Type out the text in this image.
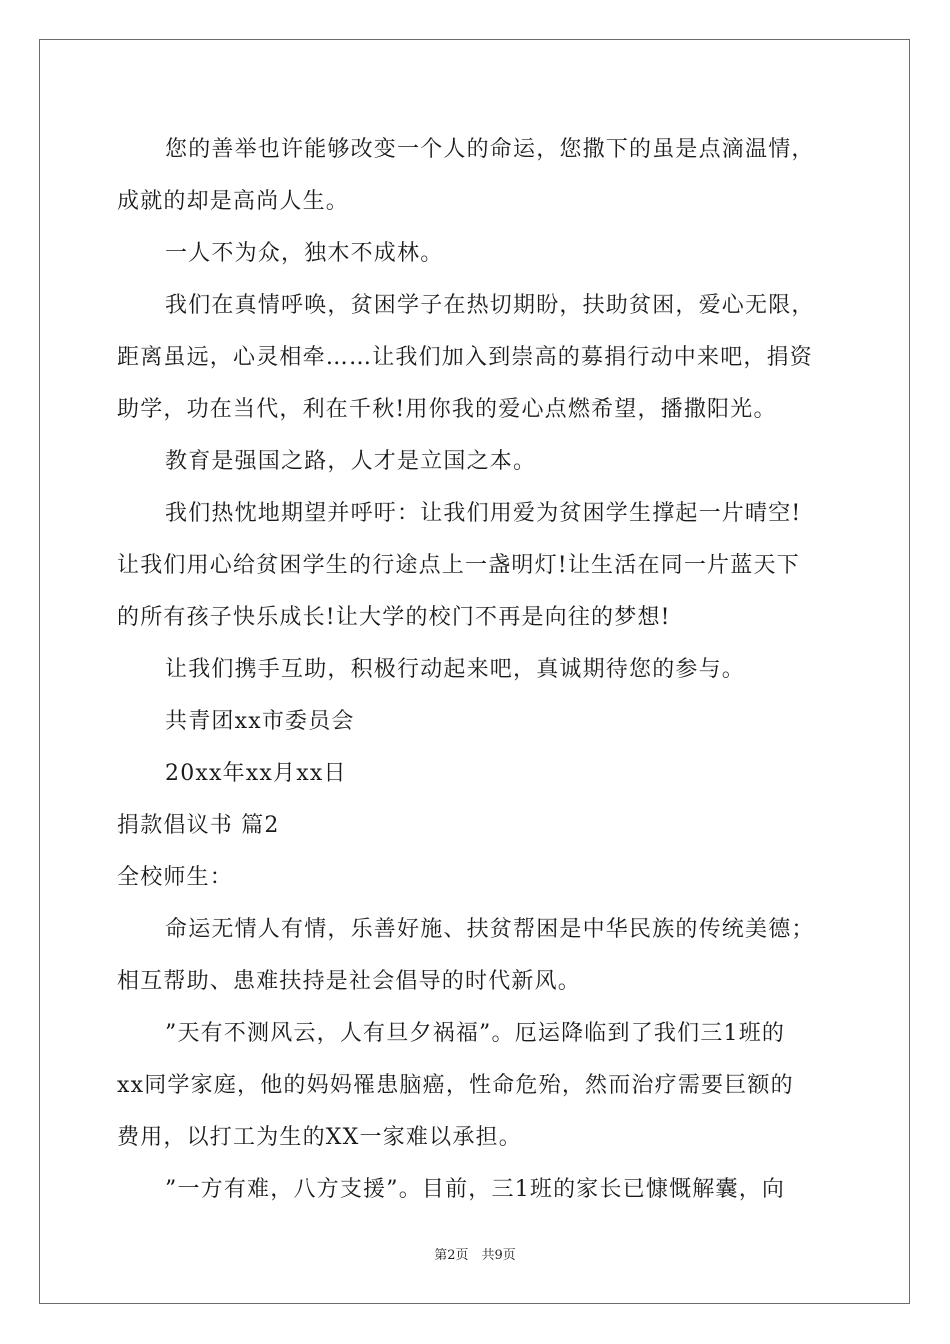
您的善举也许能够改变一个人的命运，您撒下的虽是点滴温情，
成就的却是高尚人生。
一人不为众，独木不成林。
我们在真情呼唤，贫困学子在热切期盼，扶助贫困，爱心无限，
距离虽远，心灵相牵……让我们加入到崇高的募捐行动中来吧，捐资
助学，功在当代，利在千秋!用你我的爱心点燃希望，播撒阳光。
教育是强国之路，人才是立国之本。
我们热忱地期望并呼吁：让我们用爱为贫困学生撑起一片晴空!
让我们用心给贫困学生的行途点上一盏明灯!让生活在同一片蓝天下
的所有孩子快乐成长!让大学的校门不再是向往的梦想!
让我们携手互助，积极行动起来吧，真诚期待您的参与。
共青团xx市委员会
20xx年xx月xx日
捐款倡议书 篇2
全校师生：
命运无情人有情，乐善好施、扶贫帮困是中华民族的传统美德；
相互帮助、患难扶持是社会倡导的时代新风。
”天有不测风云，人有旦夕祸福”。厄运降临到了我们三1班的
xx同学家庭，他的妈妈罹患脑癌，性命危殆，然而治疗需要巨额的
费用，以打工为生的XX一家难以承担。
”一方有难，八方支援”。目前，三1班的家长已慷慨解囊，向
第2页　共9页
